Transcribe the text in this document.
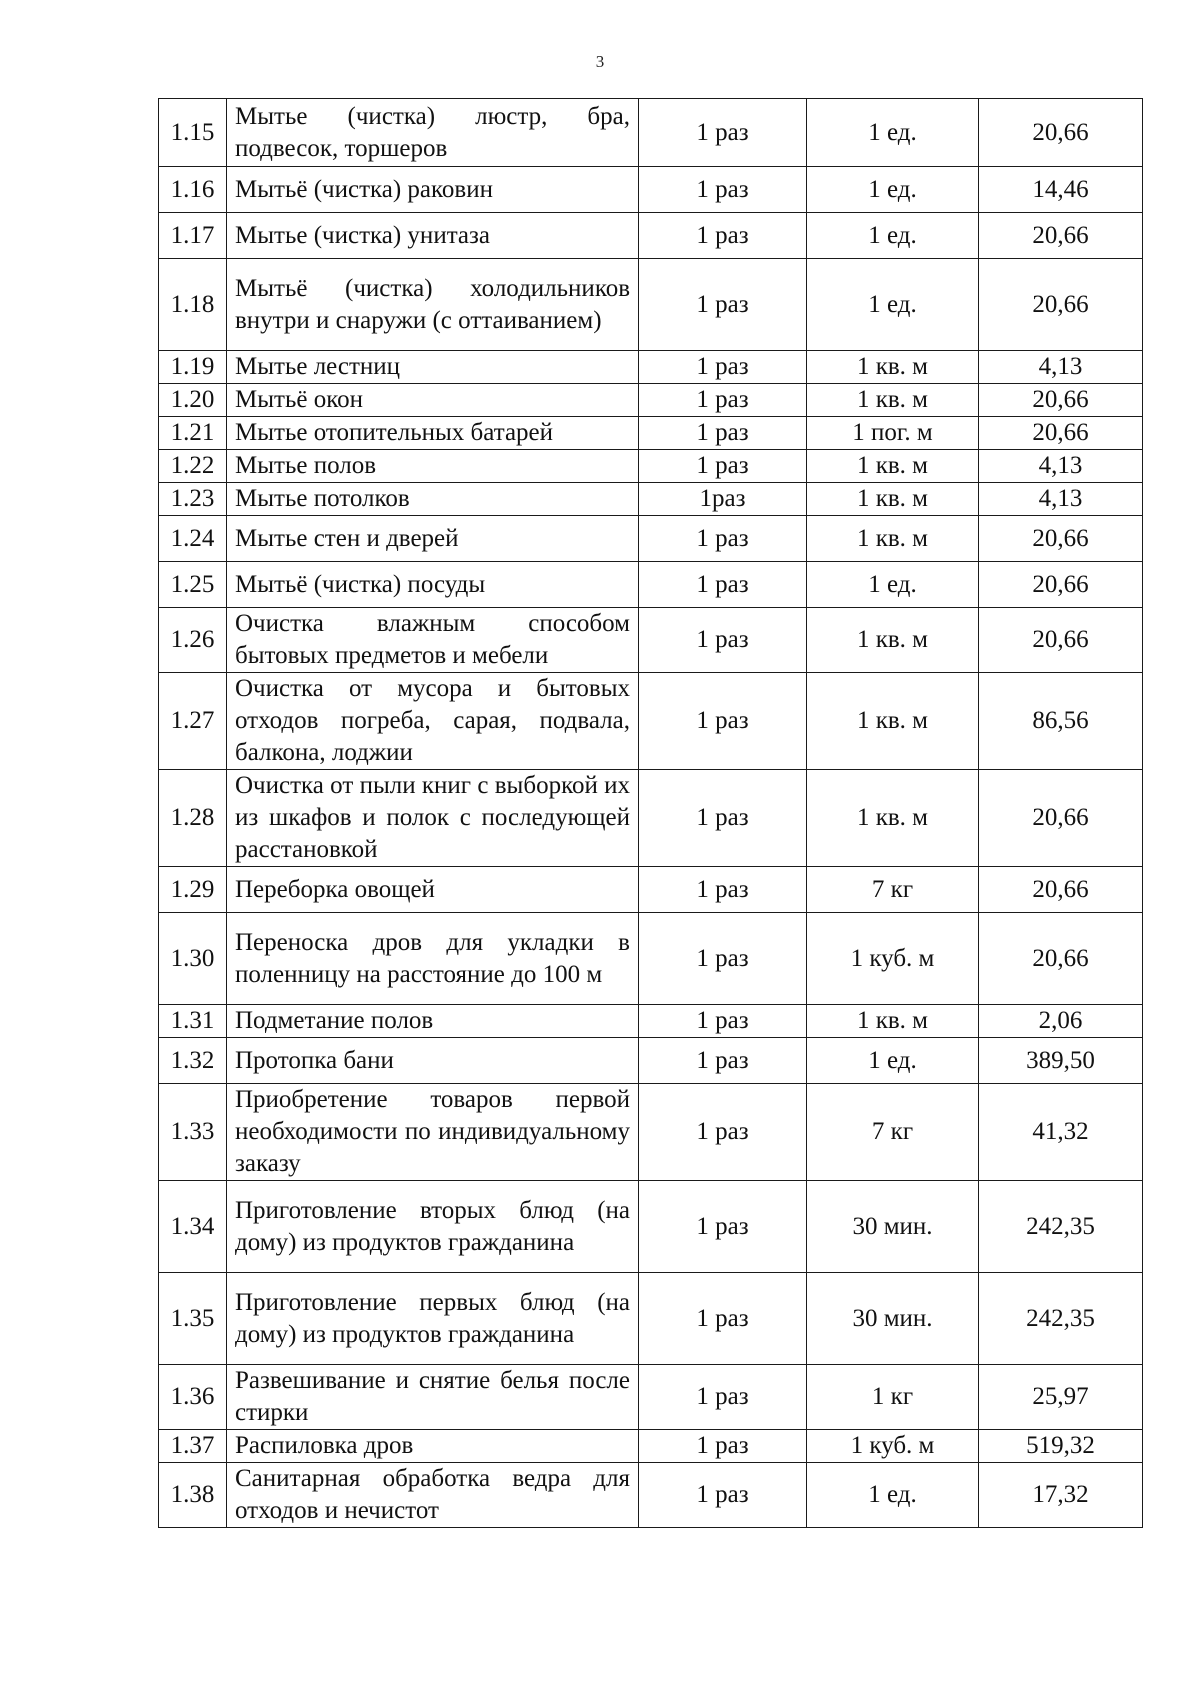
3
1.15	Мытье (чистка) люстр, бра, подвесок, торшеров	1 раз	1 ед.	20,66
1.16	Мытьё (чистка) раковин	1 раз	1 ед.	14,46
1.17	Мытье (чистка) унитаза	1 раз	1 ед.	20,66
1.18	Мытьё (чистка) холодильников внутри и снаружи (с оттаиванием)	1 раз	1 ед.	20,66
1.19	Мытье лестниц	1 раз	1 кв. м	4,13
1.20	Мытьё окон	1 раз	1 кв. м	20,66
1.21	Мытье отопительных батарей	1 раз	1 пог. м	20,66
1.22	Мытье полов	1 раз	1 кв. м	4,13
1.23	Мытье потолков	1раз	1 кв. м	4,13
1.24	Мытье стен и дверей	1 раз	1 кв. м	20,66
1.25	Мытьё (чистка) посуды	1 раз	1 ед.	20,66
1.26	Очистка влажным способом бытовых предметов и мебели	1 раз	1 кв. м	20,66
1.27	Очистка от мусора и бытовых отходов погреба, сарая, подвала, балкона, лоджии	1 раз	1 кв. м	86,56
1.28	Очистка от пыли книг с выборкой их из шкафов и полок с последующей расстановкой	1 раз	1 кв. м	20,66
1.29	Переборка овощей	1 раз	7 кг	20,66
1.30	Переноска дров для укладки в поленницу на расстояние до 100 м	1 раз	1 куб. м	20,66
1.31	Подметание полов	1 раз	1 кв. м	2,06
1.32	Протопка бани	1 раз	1 ед.	389,50
1.33	Приобретение товаров первой необходимости по индивидуальному заказу	1 раз	7 кг	41,32
1.34	Приготовление вторых блюд (на дому) из продуктов гражданина	1 раз	30 мин.	242,35
1.35	Приготовление первых блюд (на дому) из продуктов гражданина	1 раз	30 мин.	242,35
1.36	Развешивание и снятие белья после стирки	1 раз	1 кг	25,97
1.37	Распиловка дров	1 раз	1 куб. м	519,32
1.38	Санитарная обработка ведра для отходов и нечистот	1 раз	1 ед.	17,32
